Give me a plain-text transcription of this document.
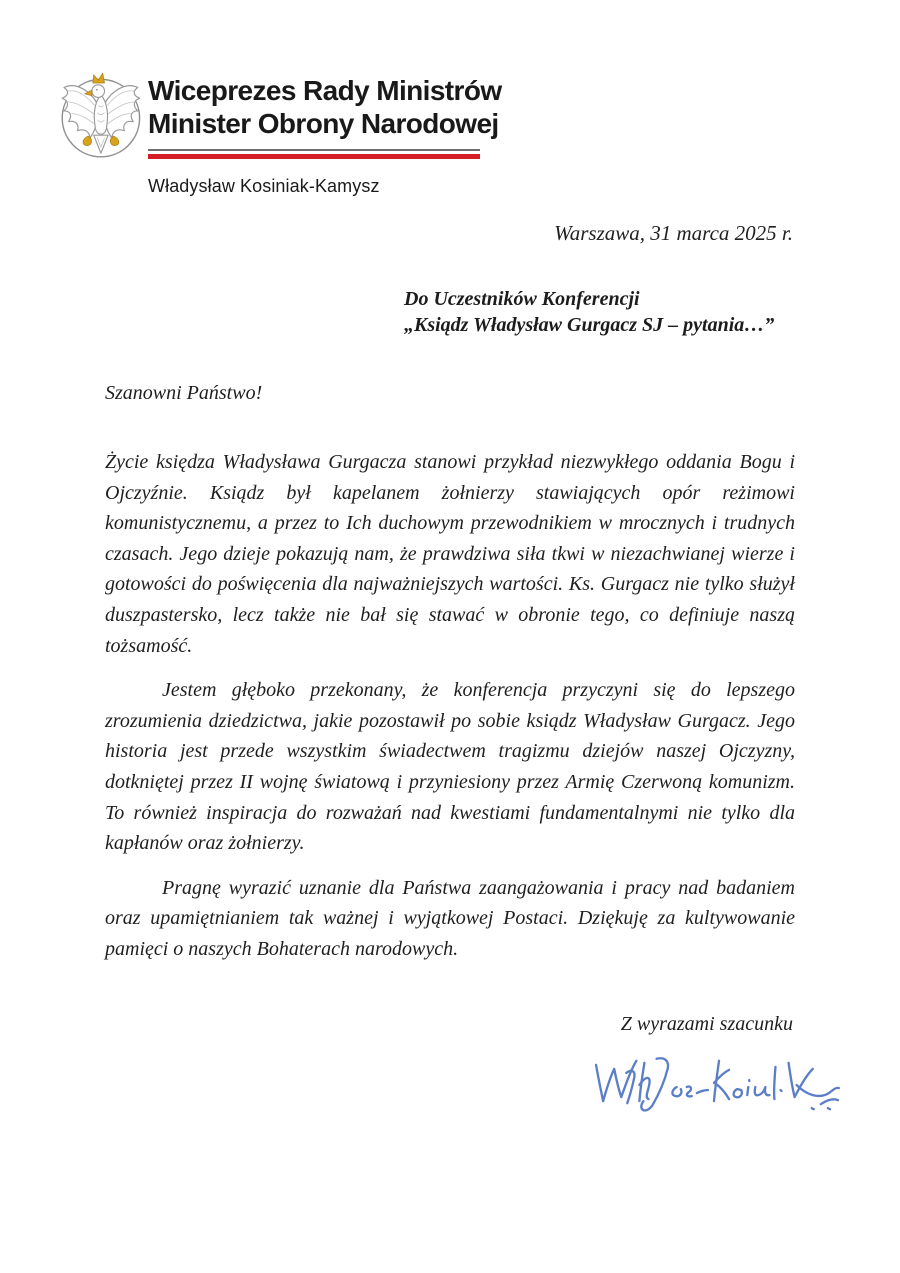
Wiceprezes Rady Ministrów
Minister Obrony Narodowej
Władysław Kosiniak-Kamysz
Warszawa, 31 marca 2025 r.
Do Uczestników Konferencji
„Ksiądz Władysław Gurgacz SJ – pytania…”
Szanowni Państwo!

Życie księdza Władysława Gurgacza stanowi przykład niezwykłego oddania Bogu i Ojczyźnie. Ksiądz był kapelanem żołnierzy stawiających opór reżimowi komunistycznemu, a przez to Ich duchowym przewodnikiem w mrocznych i trudnych czasach. Jego dzieje pokazują nam, że prawdziwa siła tkwi w niezachwianej wierze i gotowości do poświęcenia dla najważniejszych wartości. Ks. Gurgacz nie tylko służył duszpastersko, lecz także nie bał się stawać w obronie tego, co definiuje naszą tożsamość.

Jestem głęboko przekonany, że konferencja przyczyni się do lepszego zrozumienia dziedzictwa, jakie pozostawił po sobie ksiądz Władysław Gurgacz. Jego historia jest przede wszystkim świadectwem tragizmu dziejów naszej Ojczyzny, dotkniętej przez II wojnę światową i przyniesiony przez Armię Czerwoną komunizm. To również inspiracja do rozważań nad kwestiami fundamentalnymi nie tylko dla kapłanów oraz żołnierzy.

Pragnę wyrazić uznanie dla Państwa zaangażowania i pracy nad badaniem oraz upamiętnianiem tak ważnej i wyjątkowej Postaci. Dziękuję za kultywowanie pamięci o naszych Bohaterach narodowych.

Z wyrazami szacunku
